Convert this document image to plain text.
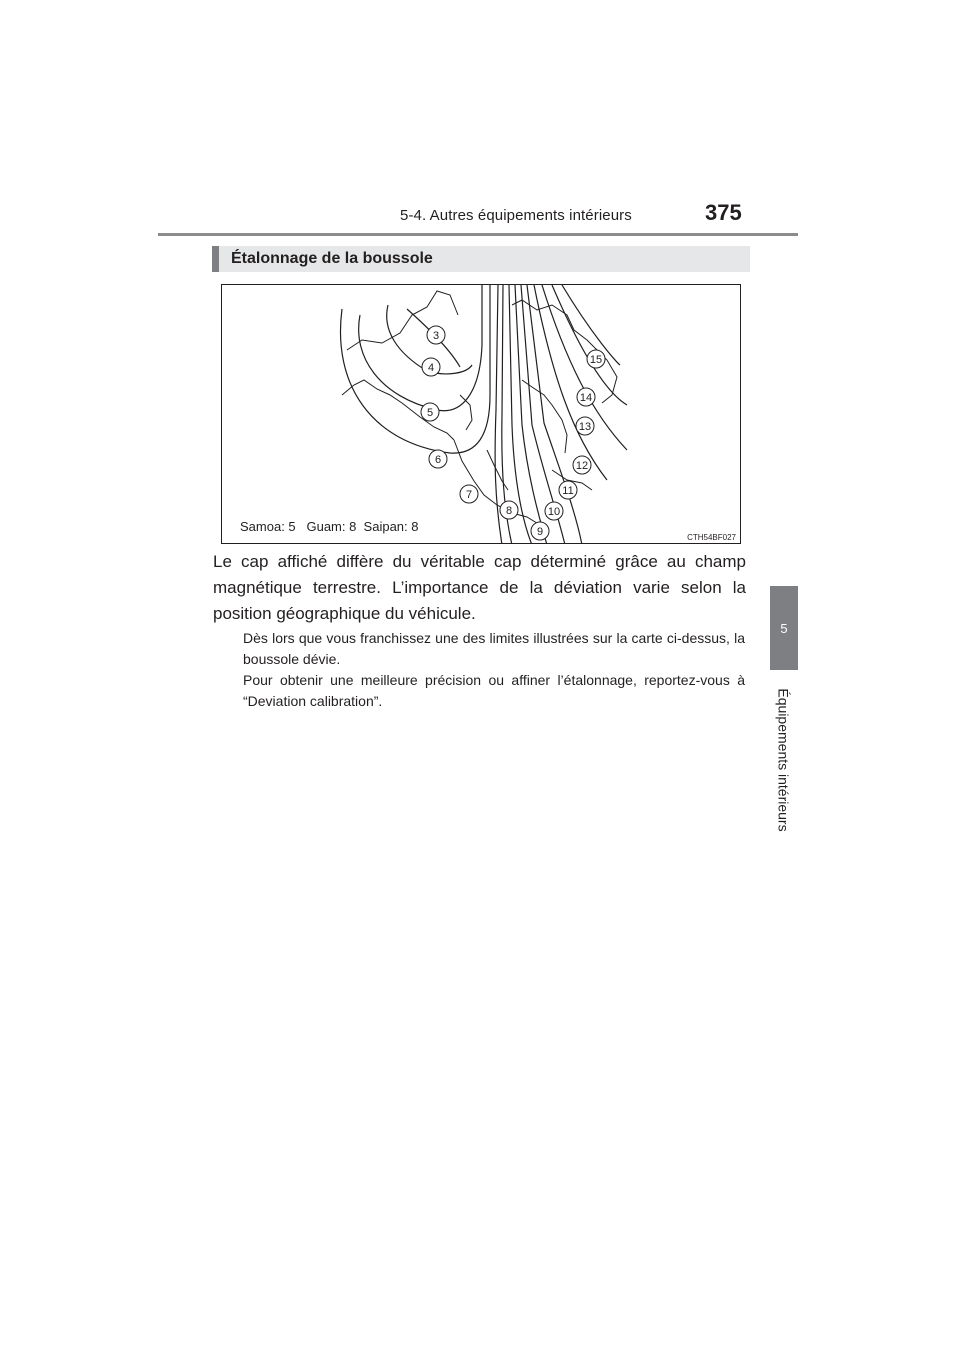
5-4. Autres équipements intérieurs	375
5
Équipements intérieurs
Étalonnage de la boussole
3
4
5
6
7
8
9
10
11
12
13
14
15
Samoa: 5   Guam: 8  Saipan: 8
CTH54BF027
Le cap affiché diffère du véritable cap déterminé grâce au champ magnétique terrestre. L’importance de la déviation varie selon la position géographique du véhicule.
Dès lors que vous franchissez une des limites illustrées sur la carte ci-dessus, la boussole dévie.
Pour obtenir une meilleure précision ou affiner l’étalonnage, reportez-vous à “Deviation calibration”.
